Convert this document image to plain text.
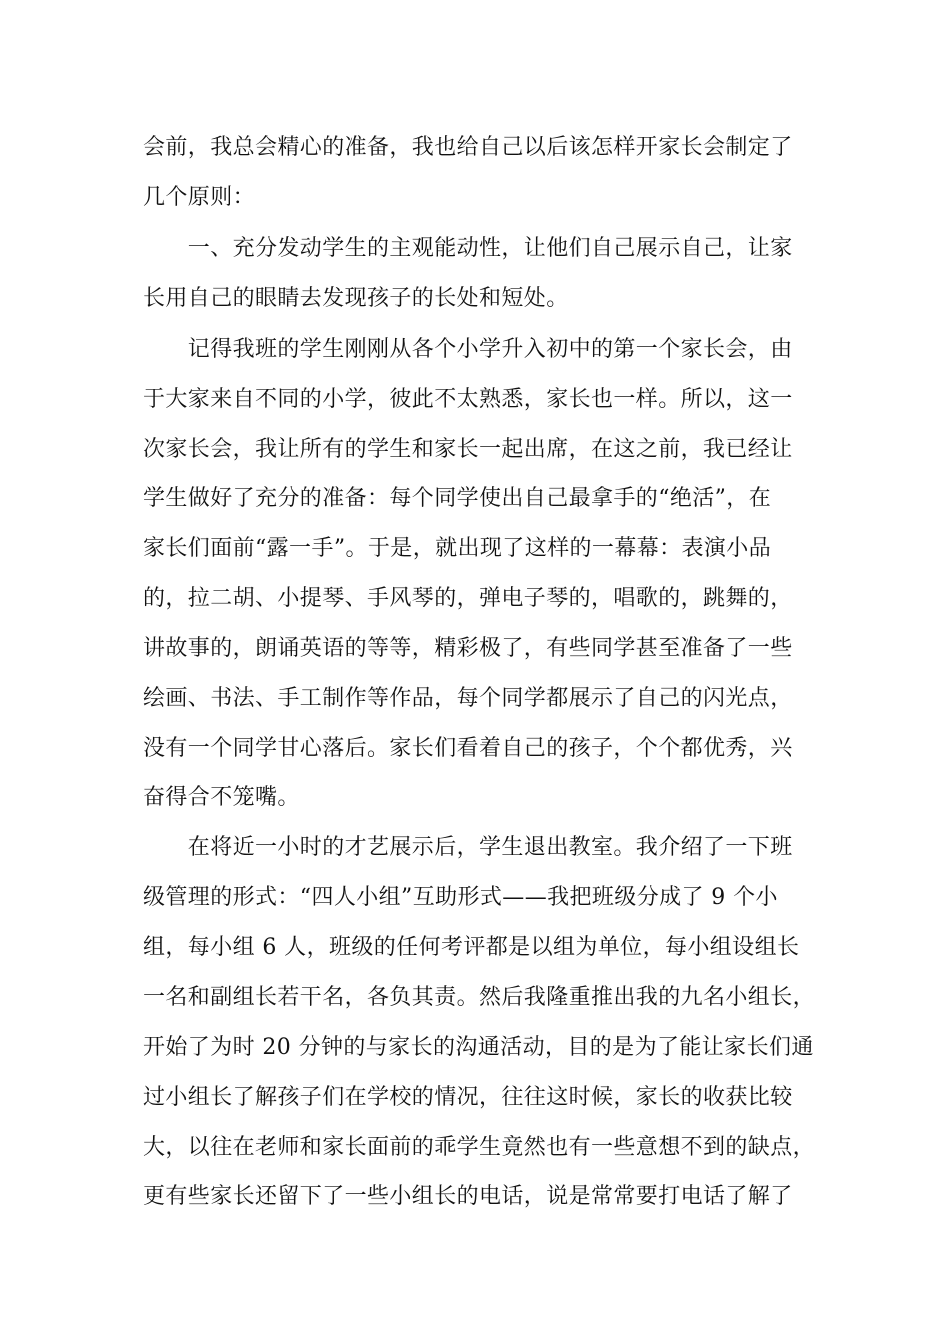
会前，我总会精心的准备，我也给自己以后该怎样开家长会制定了
几个原则：
　　一、充分发动学生的主观能动性，让他们自己展示自己，让家
长用自己的眼睛去发现孩子的长处和短处。
　　记得我班的学生刚刚从各个小学升入初中的第一个家长会，由
于大家来自不同的小学，彼此不太熟悉，家长也一样。所以，这一
次家长会，我让所有的学生和家长一起出席，在这之前，我已经让
学生做好了充分的准备：每个同学使出自己最拿手的“绝活”，在
家长们面前“露一手”。于是，就出现了这样的一幕幕：表演小品
的，拉二胡、小提琴、手风琴的，弹电子琴的，唱歌的，跳舞的，
讲故事的，朗诵英语的等等，精彩极了，有些同学甚至准备了一些
绘画、书法、手工制作等作品，每个同学都展示了自己的闪光点，
没有一个同学甘心落后。家长们看着自己的孩子，个个都优秀，兴
奋得合不笼嘴。
　　在将近一小时的才艺展示后，学生退出教室。我介绍了一下班
级管理的形式：“四人小组”互助形式——我把班级分成了 9 个小
组，每小组 6 人，班级的任何考评都是以组为单位，每小组设组长
一名和副组长若干名，各负其责。然后我隆重推出我的九名小组长，
开始了为时 20 分钟的与家长的沟通活动，目的是为了能让家长们通
过小组长了解孩子们在学校的情况，往往这时候，家长的收获比较
大，以往在老师和家长面前的乖学生竟然也有一些意想不到的缺点，
更有些家长还留下了一些小组长的电话，说是常常要打电话了解了
